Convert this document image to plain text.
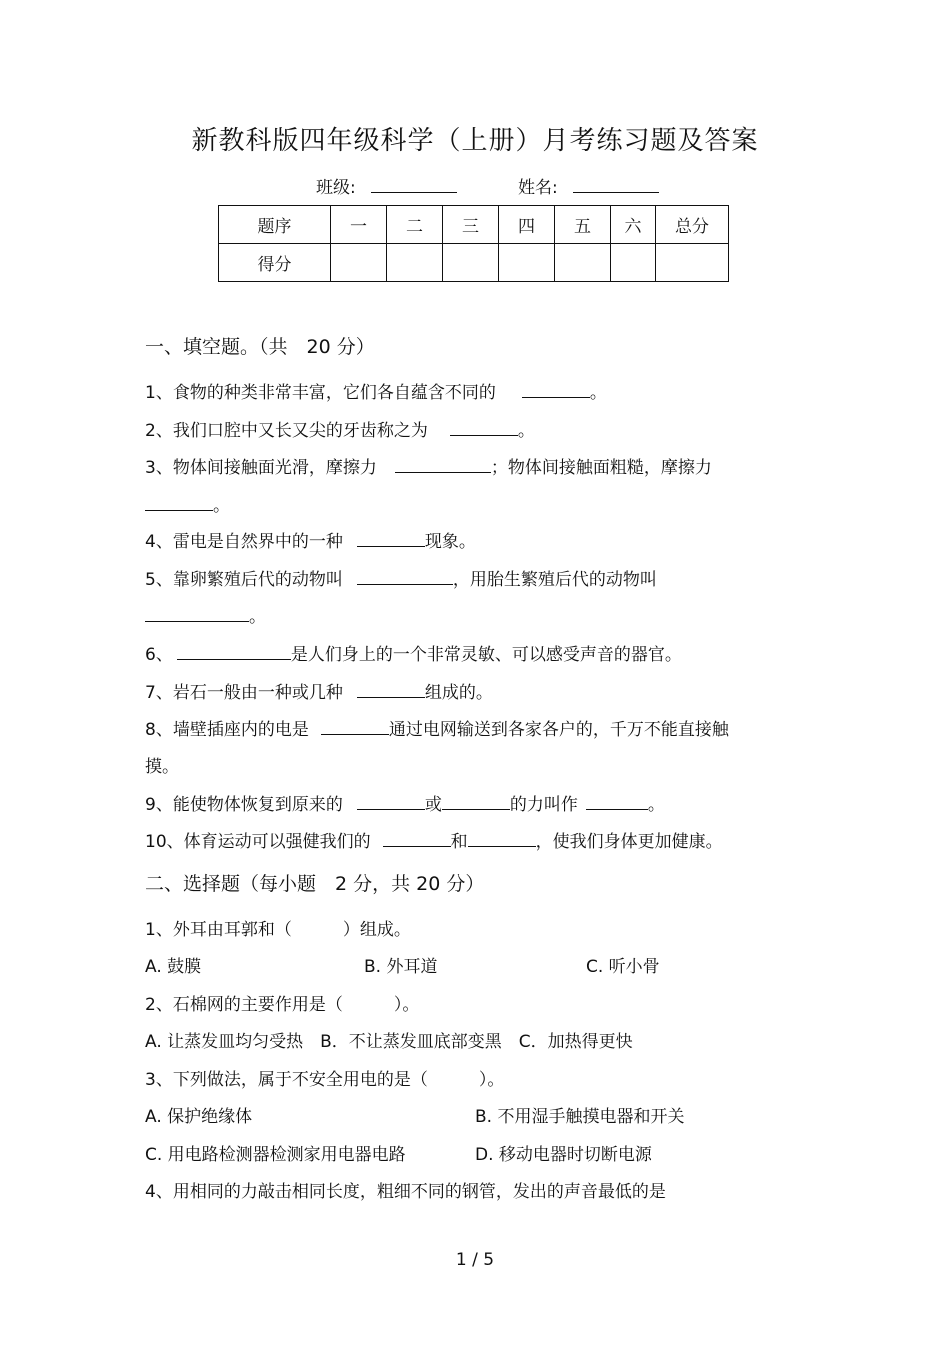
新教科版四年级科学（上册）月考练习题及答案
班级:	姓名:
题序	一	二	三	四	五	六	总分
得分							
一、填空题。（共　20 分）
1、食物的种类非常丰富，它们各自蕴含不同的	。
2、我们口腔中又长又尖的牙齿称之为	。
3、物体间接触面光滑，摩擦力	；物体间接触面粗糙，摩擦力
。
4、雷电是自然界中的一种	现象。
5、靠卵繁殖后代的动物叫	，用胎生繁殖后代的动物叫
。
6、	是人们身上的一个非常灵敏、可以感受声音的器官。
7、岩石一般由一种或几种	组成的。
8、墙壁插座内的电是	通过电网输送到各家各户的，千万不能直接触
摸。
9、能使物体恢复到原来的	或	的力叫作	。
10、体育运动可以强健我们的	和	，使我们身体更加健康。
二、选择题（每小题　2 分，共 20 分）
1、外耳由耳郭和（　　　）组成。
A. 鼓膜	B. 外耳道	C. 听小骨
2、石棉网的主要作用是（　　　）。
A. 让蒸发皿均匀受热　B．不让蒸发皿底部变黑　C．加热得更快
3、下列做法，属于不安全用电的是（　　　）。
A. 保护绝缘体	B. 不用湿手触摸电器和开关
C. 用电路检测器检测家用电器电路	D. 移动电器时切断电源
4、用相同的力敲击相同长度，粗细不同的钢管，发出的声音最低的是
1 / 5
